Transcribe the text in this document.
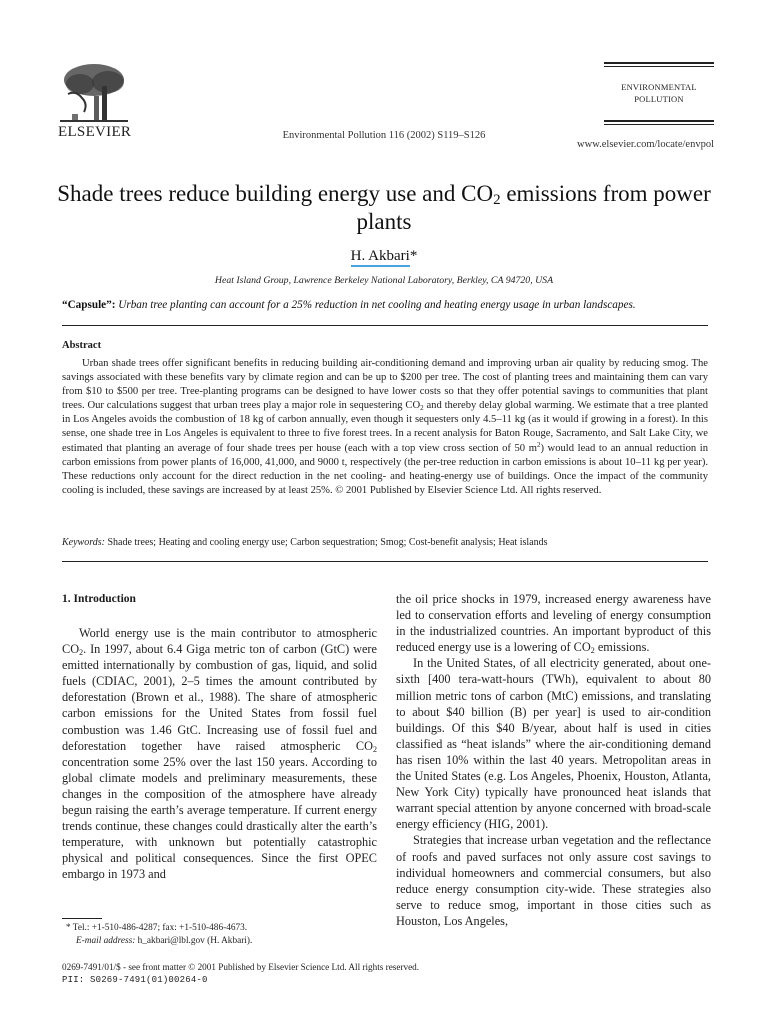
ELSEVIER	Environmental Pollution 116 (2002) S119–S126
ENVIRONMENTAL
POLLUTION
www.elsevier.com/locate/envpol
Shade trees reduce building energy use and $CO_2$ emissions from power plants
H. Akbari*
Heat Island Group, Lawrence Berkeley National Laboratory, Berkley, CA 94720, USA
“Capsule”: Urban tree planting can account for a 25% reduction in net cooling and heating energy usage in urban landscapes.
Abstract

Urban shade trees offer significant benefits in reducing building air-conditioning demand and improving urban air quality by reducing smog. The savings associated with these benefits vary by climate region and can be up to $200 per tree. The cost of planting trees and maintaining them can vary from $10 to $500 per tree. Tree-planting programs can be designed to have lower costs so that they offer potential savings to communities that plant trees. Our calculations suggest that urban trees play a major role in sequestering $CO_2$ and thereby delay global warming. We estimate that a tree planted in Los Angeles avoids the combustion of 18 kg of carbon annually, even though it sequesters only 4.5–11 kg (as it would if growing in a forest). In this sense, one shade tree in Los Angeles is equivalent to three to five forest trees. In a recent analysis for Baton Rouge, Sacramento, and Salt Lake City, we estimated that planting an average of four shade trees per house (each with a top view cross section of 50 $m^2$) would lead to an annual reduction in carbon emissions from power plants of 16,000, 41,000, and 9000 t, respectively (the per-tree reduction in carbon emissions is about 10–11 kg per year). These reductions only account for the direct reduction in the net cooling- and heating-energy use of buildings. Once the impact of the community cooling is included, these savings are increased by at least 25%. © 2001 Published by Elsevier Science Ltd. All rights reserved.

Keywords: Shade trees; Heating and cooling energy use; Carbon sequestration; Smog; Cost-benefit analysis; Heat islands
1. Introduction

World energy use is the main contributor to atmospheric $CO_2$. In 1997, about 6.4 Giga metric ton of carbon (GtC) were emitted internationally by combustion of gas, liquid, and solid fuels (CDIAC, 2001), 2–5 times the amount contributed by deforestation (Brown et al., 1988). The share of atmospheric carbon emissions for the United States from fossil fuel combustion was 1.46 GtC. Increasing use of fossil fuel and deforestation together have raised atmospheric $CO_2$ concentration some 25% over the last 150 years. According to global climate models and preliminary measurements, these changes in the composition of the atmosphere have already begun raising the earth’s average temperature. If current energy trends continue, these changes could drastically alter the earth’s temperature, with unknown but potentially catastrophic physical and political consequences. Since the first OPEC embargo in 1973 and

the oil price shocks in 1979, increased energy awareness have led to conservation efforts and leveling of energy consumption in the industrialized countries. An important byproduct of this reduced energy use is a lowering of $CO_2$ emissions.

In the United States, of all electricity generated, about one-sixth [400 tera-watt-hours (TWh), equivalent to about 80 million metric tons of carbon (MtC) emissions, and translating to about $40 billion (B) per year] is used to air-condition buildings. Of this $40 B/year, about half is used in cities classified as “heat islands” where the air-conditioning demand has risen 10% within the last 40 years. Metropolitan areas in the United States (e.g. Los Angeles, Phoenix, Houston, Atlanta, New York City) typically have pronounced heat islands that warrant special attention by anyone concerned with broad-scale energy efficiency (HIG, 2001).

Strategies that increase urban vegetation and the reflectance of roofs and paved surfaces not only assure cost savings to individual homeowners and commercial consumers, but also reduce energy consumption city-wide. These strategies also serve to reduce smog, important in those cities such as Houston, Los Angeles,

* Tel.: +1-510-486-4287; fax: +1-510-486-4673.
E-mail address: h_akbari@lbl.gov (H. Akbari).
0269-7491/01/$ - see front matter © 2001 Published by Elsevier Science Ltd. All rights reserved.
PII: S0269-7491(01)00264-0
